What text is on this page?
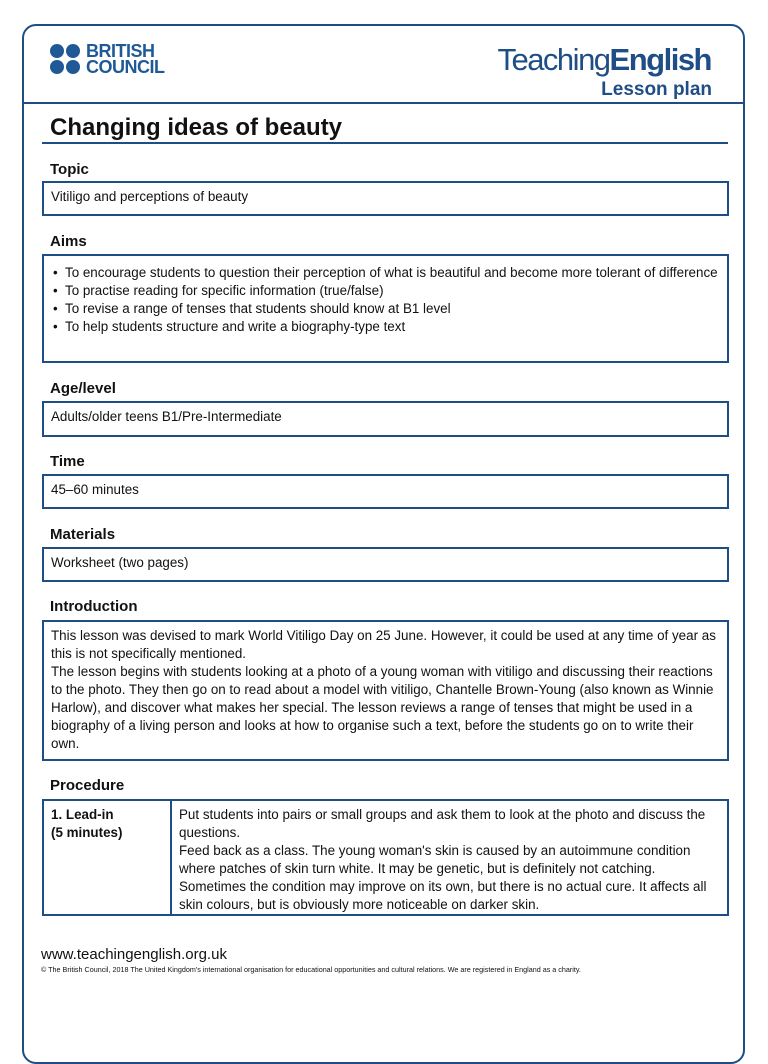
BRITISH
COUNCIL	TeachingEnglish
Lesson plan
Changing ideas of beauty
Topic
Vitiligo and perceptions of beauty
Aims
• To encourage students to question their perception of what is beautiful and become more tolerant of difference
• To practise reading for specific information (true/false)
• To revise a range of tenses that students should know at B1 level
• To help students structure and write a biography-type text
Age/level
Adults/older teens B1/Pre-Intermediate
Time
45–60 minutes
Materials
Worksheet (two pages)
Introduction
This lesson was devised to mark World Vitiligo Day on 25 June. However, it could be used at any time of year as this is not specifically mentioned.
The lesson begins with students looking at a photo of a young woman with vitiligo and discussing their reactions to the photo. They then go on to read about a model with vitiligo, Chantelle Brown-Young (also known as Winnie Harlow), and discover what makes her special. The lesson reviews a range of tenses that might be used in a biography of a living person and looks at how to organise such a text, before the students go on to write their own.
Procedure
1. Lead-in
(5 minutes)
Put students into pairs or small groups and ask them to look at the photo and discuss the questions.
Feed back as a class. The young woman's skin is caused by an autoimmune condition where patches of skin turn white. It may be genetic, but is definitely not catching. Sometimes the condition may improve on its own, but there is no actual cure. It affects all skin colours, but is obviously more noticeable on darker skin.
www.teachingenglish.org.uk
© The British Council, 2018 The United Kingdom's international organisation for educational opportunities and cultural relations. We are registered in England as a charity.
